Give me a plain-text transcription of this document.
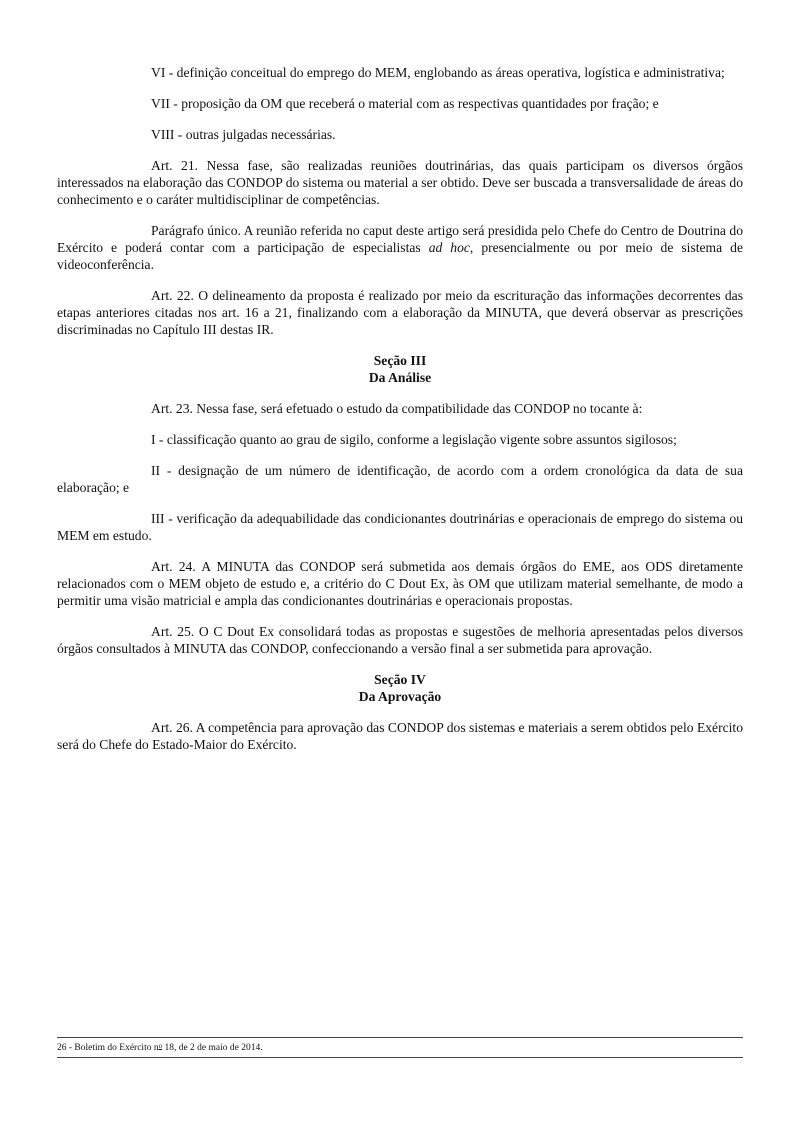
VI - definição conceitual do emprego do MEM, englobando as áreas operativa, logística e administrativa;

VII - proposição da OM que receberá o material com as respectivas quantidades por fração; e

VIII - outras julgadas necessárias.

Art. 21. Nessa fase, são realizadas reuniões doutrinárias, das quais participam os diversos órgãos interessados na elaboração das CONDOP do sistema ou material a ser obtido. Deve ser buscada a transversalidade de áreas do conhecimento e o caráter multidisciplinar de competências.

Parágrafo único. A reunião referida no caput deste artigo será presidida pelo Chefe do Centro de Doutrina do Exército e poderá contar com a participação de especialistas ad hoc, presencialmente ou por meio de sistema de videoconferência.

Art. 22. O delineamento da proposta é realizado por meio da escrituração das informações decorrentes das etapas anteriores citadas nos art. 16 a 21, finalizando com a elaboração da MINUTA, que deverá observar as prescrições discriminadas no Capítulo III destas IR.

Seção III
Da Análise

Art. 23. Nessa fase, será efetuado o estudo da compatibilidade das CONDOP no tocante à:

I - classificação quanto ao grau de sigilo, conforme a legislação vigente sobre assuntos sigilosos;

II - designação de um número de identificação, de acordo com a ordem cronológica da data de sua elaboração; e

III - verificação da adequabilidade das condicionantes doutrinárias e operacionais de emprego do sistema ou MEM em estudo.

Art. 24. A MINUTA das CONDOP será submetida aos demais órgãos do EME, aos ODS diretamente relacionados com o MEM objeto de estudo e, a critério do C Dout Ex, às OM que utilizam material semelhante, de modo a permitir uma visão matricial e ampla das condicionantes doutrinárias e operacionais propostas.

Art. 25. O C Dout Ex consolidará todas as propostas e sugestões de melhoria apresentadas pelos diversos órgãos consultados à MINUTA das CONDOP, confeccionando a versão final a ser submetida para aprovação.

Seção IV
Da Aprovação

Art. 26. A competência para aprovação das CONDOP dos sistemas e materiais a serem obtidos pelo Exército será do Chefe do Estado-Maior do Exército.

26 - Boletim do Exército $n^o$ 18, de 2 de maio de 2014.
